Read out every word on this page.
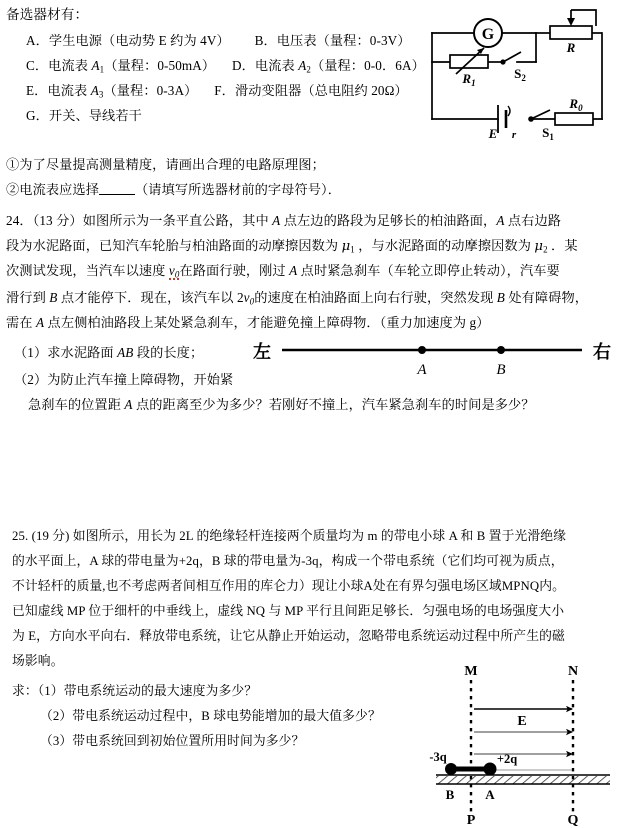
备选器材有：
A．学生电源（电动势 E 约为 4V） B．电压表（量程：0-3V）
C．电流表 $A_1$（量程：0-50mA） D．电流表 $A_2$（量程：0-0．6A）
E．电流表 $A_3$（量程：0-3A） F．滑动变阻器（总电阻约 20Ω）
G．开关、导线若干
G
R
$R_1$
$S_2$
E r $S_1$
$R_0$
①为了尽量提高测量精度，请画出合理的电路原理图；
②电流表应选择	（请填写所选器材前的字母符号）．
24．（13 分）如图所示为一条平直公路，其中 A 点左边的路段为足够长的柏油路面，A 点右边路
段为水泥路面，已知汽车轮胎与柏油路面的动摩擦因数为 $\mu_1$ ，与水泥路面的动摩擦因数为 $\mu_2$ ．某
次测试发现，当汽车以速度 $v_0$在路面行驶，刚过 A 点时紧急刹车（车轮立即停止转动），汽车要
滑行到 B 点才能停下．现在，该汽车以 $2v_0$的速度在柏油路面上向右行驶，突然发现 B 处有障碍物，
需在 A 点左侧柏油路段上某处紧急刹车，才能避免撞上障碍物．（重力加速度为 g）
（1）求水泥路面 AB 段的长度；
（2）为防止汽车撞上障碍物，开始紧
急刹车的位置距 A 点的距离至少为多少？若刚好不撞上，汽车紧急刹车的时间是多少？
左	右
A	B
25. (19 分) 如图所示，用长为 2L 的绝缘轻杆连接两个质量均为 m 的带电小球 A 和 B 置于光滑绝缘
的水平面上，A 球的带电量为+2q，B 球的带电量为-3q，构成一个带电系统（它们均可视为质点，
不计轻杆的质量,也不考虑两者间相互作用的库仑力）现让小球A处在有界匀强电场区域MPNQ内。
已知虚线 MP 位于细杆的中垂线上，虚线 NQ 与 MP 平行且间距足够长．匀强电场的电场强度大小
为 E，方向水平向右．释放带电系统，让它从静止开始运动，忽略带电系统运动过程中所产生的磁
场影响。
求：（1）带电系统运动的最大速度为多少？
（2）带电系统运动过程中，B 球电势能增加的最大值多少？
（3）带电系统回到初始位置所用时间为多少？
M	N
P	Q
E
-3q	+2q
B A
